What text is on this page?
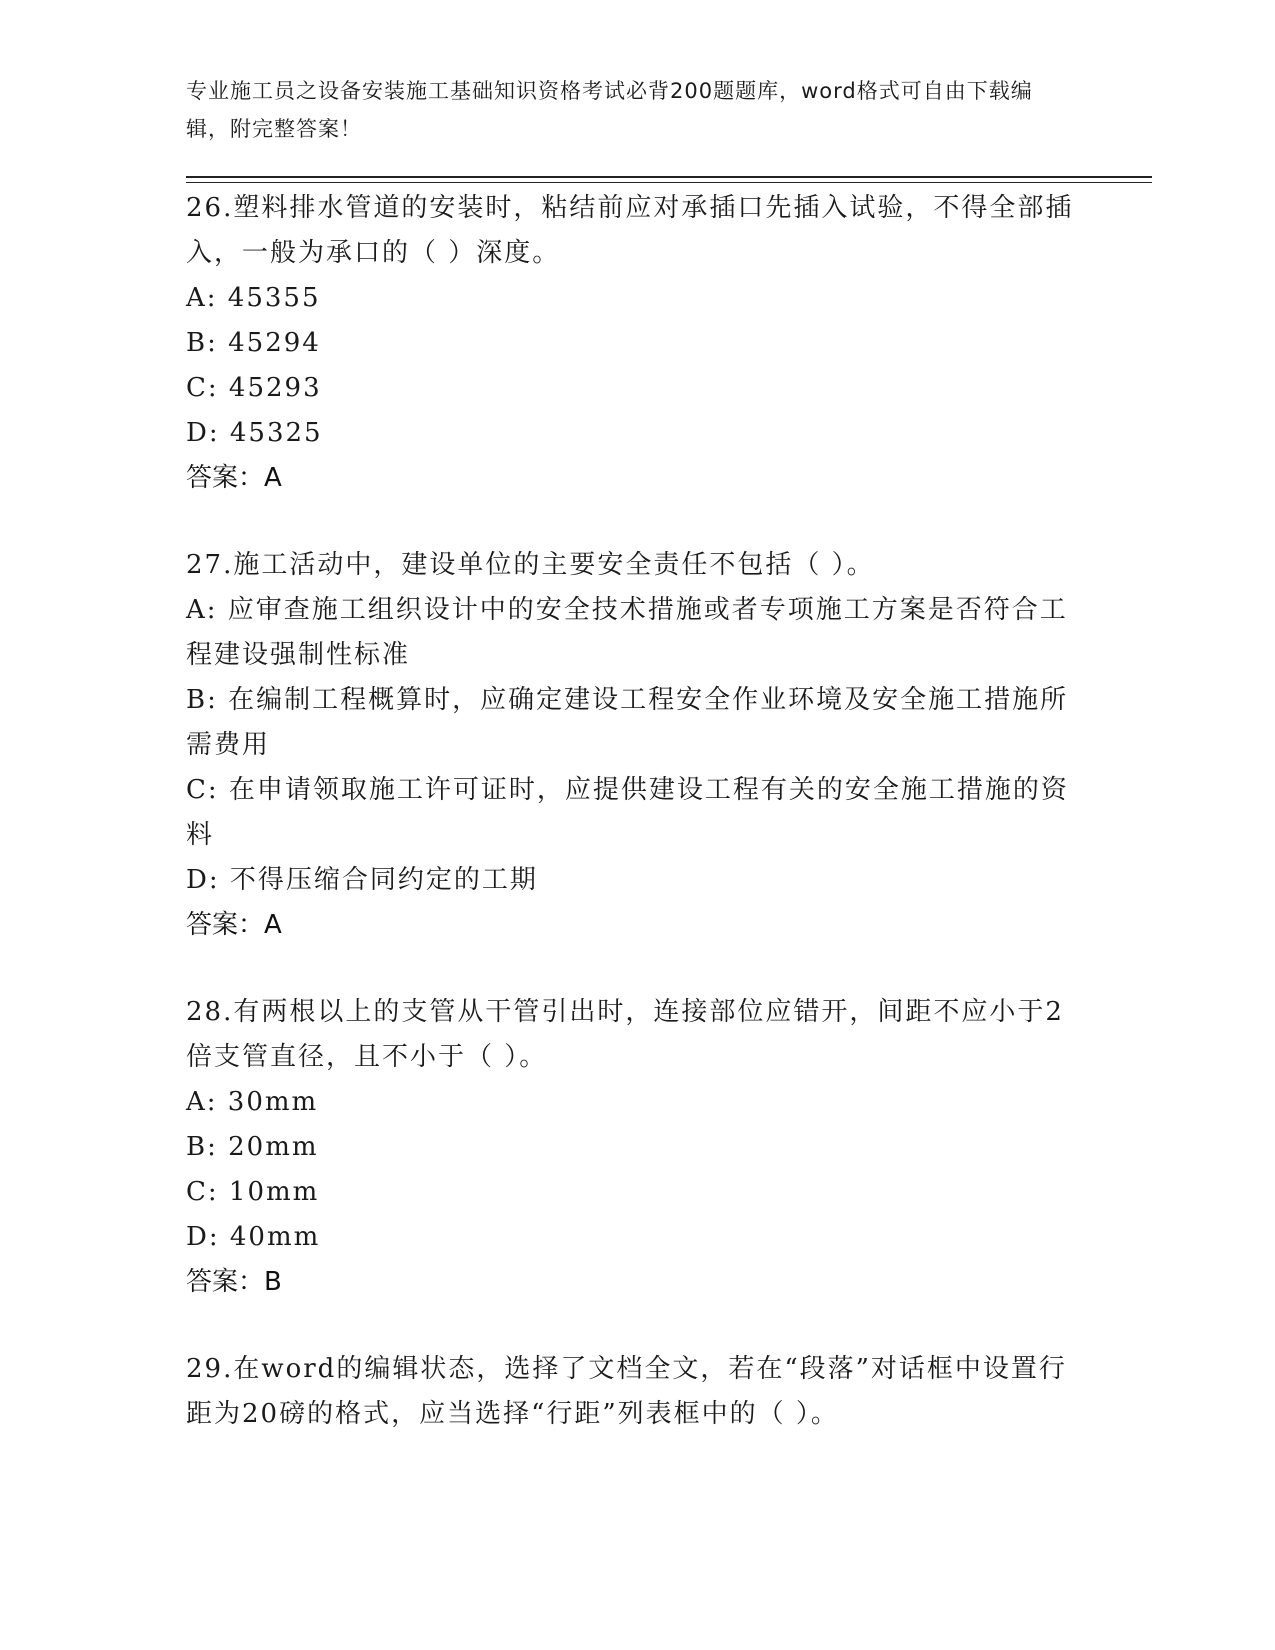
专业施工员之设备安装施工基础知识资格考试必背200题题库，word格式可自由下载编辑，附完整答案！

26.塑料排水管道的安装时，粘结前应对承插口先插入试验，不得全部插入，一般为承口的（ ）深度。

A: 45355

B: 45294

C: 45293

D: 45325

答案：A

27.施工活动中，建设单位的主要安全责任不包括（ ）。

A: 应审查施工组织设计中的安全技术措施或者专项施工方案是否符合工程建设强制性标准

B: 在编制工程概算时，应确定建设工程安全作业环境及安全施工措施所需费用

C: 在申请领取施工许可证时，应提供建设工程有关的安全施工措施的资料

D: 不得压缩合同约定的工期

答案：A

28.有两根以上的支管从干管引出时，连接部位应错开，间距不应小于2倍支管直径，且不小于（ ）。

A: 30mm

B: 20mm

C: 10mm

D: 40mm

答案：B

29.在word的编辑状态，选择了文档全文，若在“段落”对话框中设置行距为20磅的格式，应当选择“行距”列表框中的（ ）。
